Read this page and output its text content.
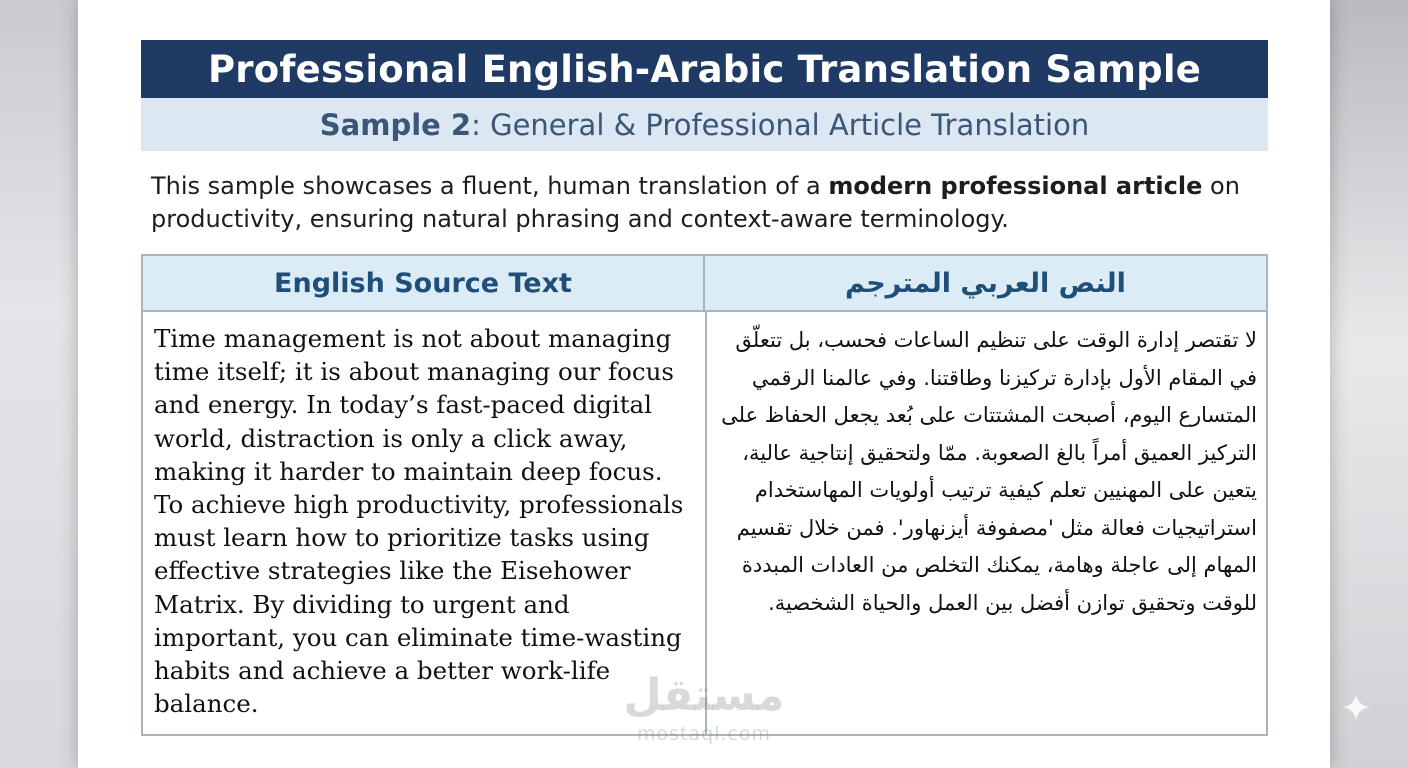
Professional English-Arabic Translation Sample
Sample 2 : General & Professional Article Translation
This sample showcases a fluent, human translation of a modern professional article on productivity, ensuring natural phrasing and context-aware terminology.
English Source Text	النص العربي المترجم
Time management is not about managing time itself; it is about managing our focus and energy. In today’s fast-paced digital world, distraction is only a click away, making it harder to maintain deep focus. To achieve high productivity, professionals must learn how to prioritize tasks using effective strategies like the Eisehower Matrix. By dividing to urgent and important, you can eliminate time-wasting habits and achieve a better work-life balance.
لا تقتصر إدارة الوقت على تنظيم الساعات فحسب، بل تتعلّق في المقام الأول بإدارة تركيزنا وطاقتنا. وفي عالمنا الرقمي المتسارع اليوم، أصبحت المشتتات على بُعد يجعل الحفاظ على التركيز العميق أمراً بالغ الصعوبة. ممّا ولتحقيق إنتاجية عالية، يتعين على المهنيين تعلم كيفية ترتيب أولويات المهاستخدام استراتيجيات فعالة مثل 'مصفوفة أيزنهاور'. فمن خلال تقسيم المهام إلى عاجلة وهامة، يمكنك التخلص من العادات المبددة للوقت وتحقيق توازن أفضل بين العمل والحياة الشخصية.
مستقل
mostaql.com
✦
